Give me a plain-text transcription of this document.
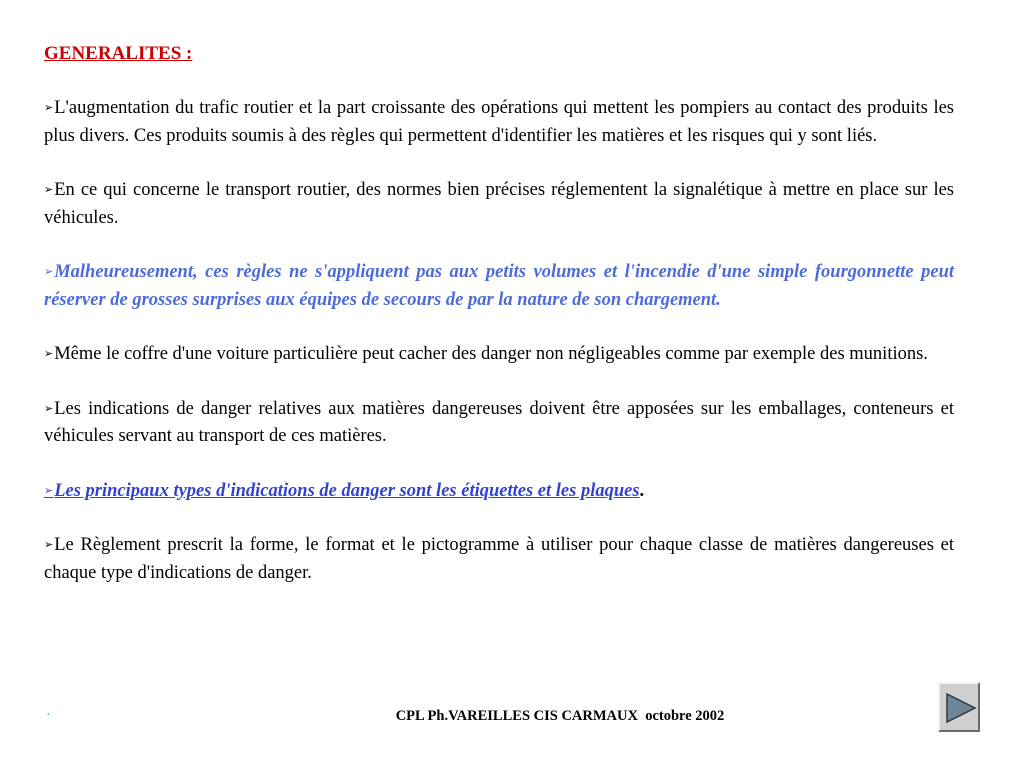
GENERALITES :
➢L'augmentation du trafic routier et la part croissante des opérations qui mettent les pompiers au contact des produits les plus divers. Ces produits soumis à des règles qui permettent d'identifier les matières et les risques qui y sont liés.
➢En ce qui concerne le transport routier, des normes bien précises réglementent la signalétique à mettre en place sur les véhicules.
➢Malheureusement, ces règles ne s'appliquent pas aux petits volumes et l'incendie d'une simple fourgonnette peut réserver de grosses surprises aux équipes de secours de par la nature de son chargement.
➢Même le coffre d'une voiture particulière peut cacher des danger non négligeables comme par exemple des munitions.
➢Les indications de danger relatives aux matières dangereuses doivent être apposées sur les emballages, conteneurs et véhicules servant au transport de ces matières.
➢Les principaux types d'indications de danger sont les étiquettes et les plaques.
➢Le Règlement prescrit la forme, le format et le pictogramme à utiliser pour chaque classe de matières dangereuses et chaque type d'indications de danger.
·	CPL Ph.VAREILLES CIS CARMAUX  octobre 2002
